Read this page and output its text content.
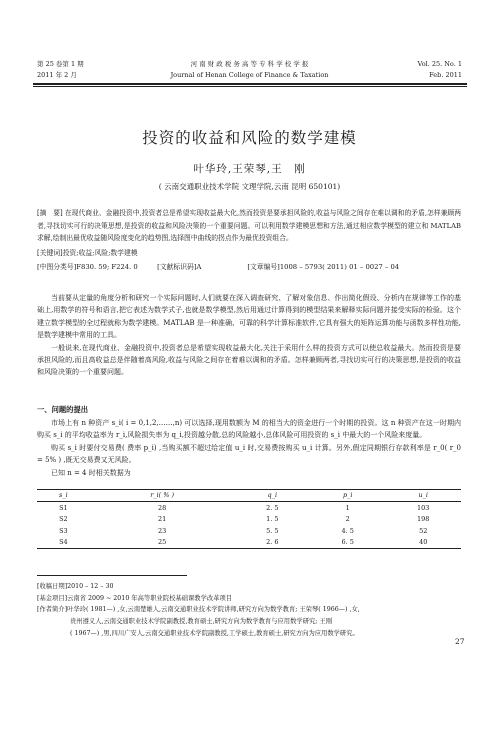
第 25 卷第 1 期
2011 年 2 月
河 南 财 政 税 务 高 等 专 科 学 校 学 报
Journal of Henan College of Finance & Taxation
Vol. 25. No. 1
Feb. 2011
投资的收益和风险的数学建模
叶华玲,王荣琴,王　刚
( 云南交通职业技术学院 文理学院,云南 昆明 650101)
[摘　要] 在现代商业、金融投资中,投资者总是希望实现收益最大化,然而投资是要承担风险的,收益与风险之间存在难以调和的矛盾,怎样兼顾两者,寻找切实可行的决策思想,是投资的收益和风险决策的一个重要问题。可以利用数学建模思想和方法,通过相应数学模型的建立和 MATLAB 求解,绘制出最优收益随风险度变化的趋势图,选择图中曲线的拐点作为最优投资组合。
[关键词]投资;收益;风险;数学建模
[中图分类号]F830. 59; F224. 0	[文献标识码]A	[文章编号]1008 – 5793( 2011) 01 – 0027 – 04

当前要从定量的角度分析和研究一个实际问题时,人们就要在深入调查研究、了解对象信息、作出简化假设、分析内在规律等工作的基础上,用数学的符号和语言,把它表述为数学式子,也就是数学模型,然后用通过计算得到的模型结果来解释实际问题并接受实际的检验。这个建立数学模型的全过程就称为数学建模。MATLAB 是一种准确、可靠的科学计算标准软件,它具有强大的矩阵运算功能与函数多样性功能,是数学建模中常用的工具。

一般说来,在现代商业、金融投资中,投资者总是希望实现收益最大化,关注于采用什么样的投资方式可以使总收益最大。然而投资是要承担风险的,而且高收益总是伴随着高风险,收益与风险之间存在着难以调和的矛盾。怎样兼顾两者,寻找切实可行的决策思想,是投资的收益和风险决策的一个重要问题。

一、问题的提出

市场上有 n 种资产 s_i( i = 0,1,2,……,n) 可以选择,现用数额为 M 的相当大的资金进行一个时期的投资。这 n 种资产在这一时期内购买 s_i 的平均收益率为 r_i,风险损失率为 q_i,投资越分散,总的风险越小,总体风险可用投资的 s_i 中最大的一个风险来度量。

购买 s_i 时要付交易费( 费率 p_i) ,当购买额不超过给定值 u_i 时,交易费按购买 u_i 计算。另外,假定同期银行存款利率是 r_0( r_0 = 5% ) ,既无交易费又无风险。

已知 n = 4 时相关数据为

s_i	r_i( % )	q_i	p_i	u_i
S1	28	2. 5	1	103
S2	21	1. 5	2	198
S3	23	5. 5	4. 5	52
S4	25	2. 6	6. 5	40
[收稿日期]2010 – 12 – 30
[基金项目]云南省 2009 ~ 2010 年高等职业院校基础课教学改革项目
[作者简介]叶华玲( 1981—) ,女,云南楚雄人,云南交通职业技术学院讲师,研究方向为数学教育; 王荣琴( 1966—) ,女,
贵州遵义人,云南交通职业技术学院副教授,教育硕士,研究方向为数学教育与应用数学研究; 王刚
( 1967—) ,男,四川广安人,云南交通职业技术学院副教授,工学硕士,教育硕士,研究方向为应用数学研究。
27
